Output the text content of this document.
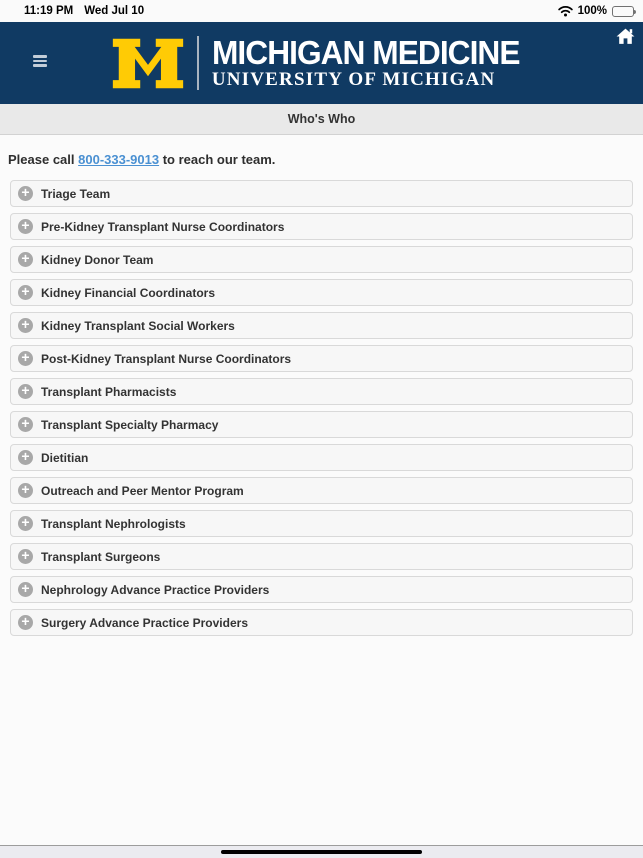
11:19 PM Wed Jul 10	100%
MICHIGAN MEDICINE
UNIVERSITY OF MICHIGAN
Who's Who

Please call 800-333-9013 to reach our team.

+ Triage Team
+ Pre-Kidney Transplant Nurse Coordinators
+ Kidney Donor Team
+ Kidney Financial Coordinators
+ Kidney Transplant Social Workers
+ Post-Kidney Transplant Nurse Coordinators
+ Transplant Pharmacists
+ Transplant Specialty Pharmacy
+ Dietitian
+ Outreach and Peer Mentor Program
+ Transplant Nephrologists
+ Transplant Surgeons
+ Nephrology Advance Practice Providers
+ Surgery Advance Practice Providers
